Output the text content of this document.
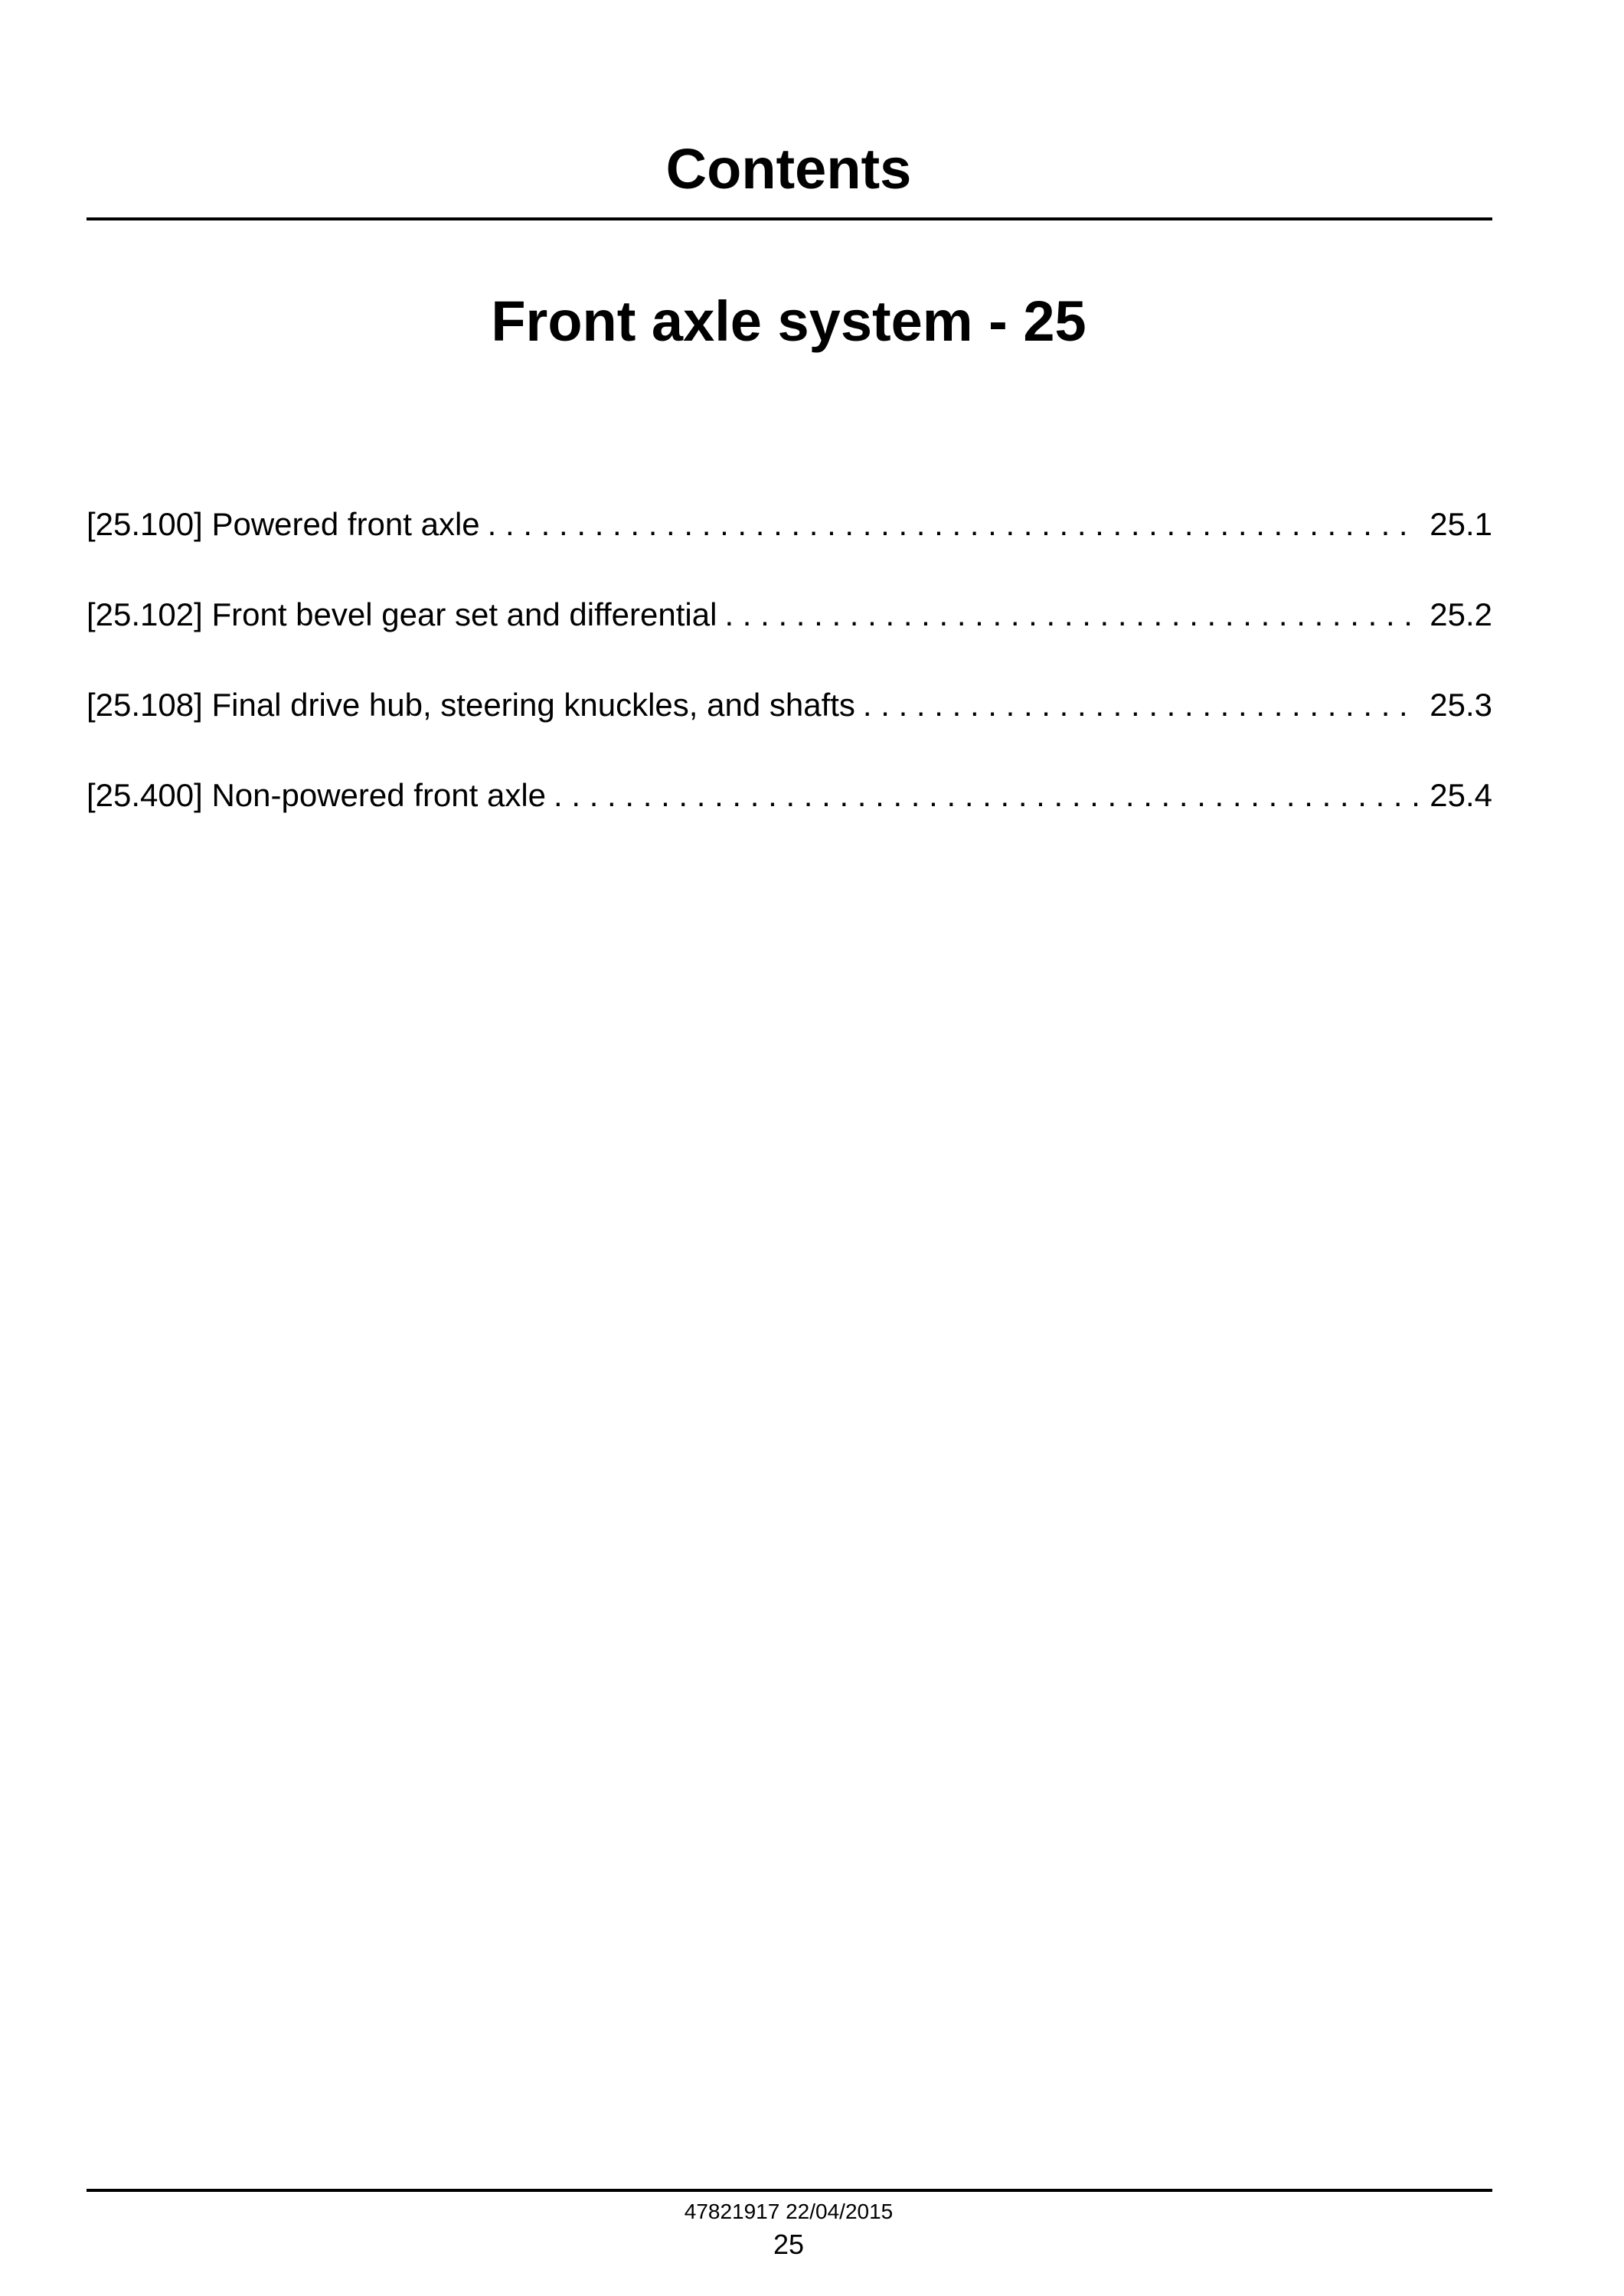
Contents
Front axle system - 25
[25.100] Powered front axle . . .	25.1
[25.102] Front bevel gear set and differential . . .	25.2
[25.108] Final drive hub, steering knuckles, and shafts . . .	25.3
[25.400] Non-powered front axle . . .	25.4
47821917 22/04/2015
25
